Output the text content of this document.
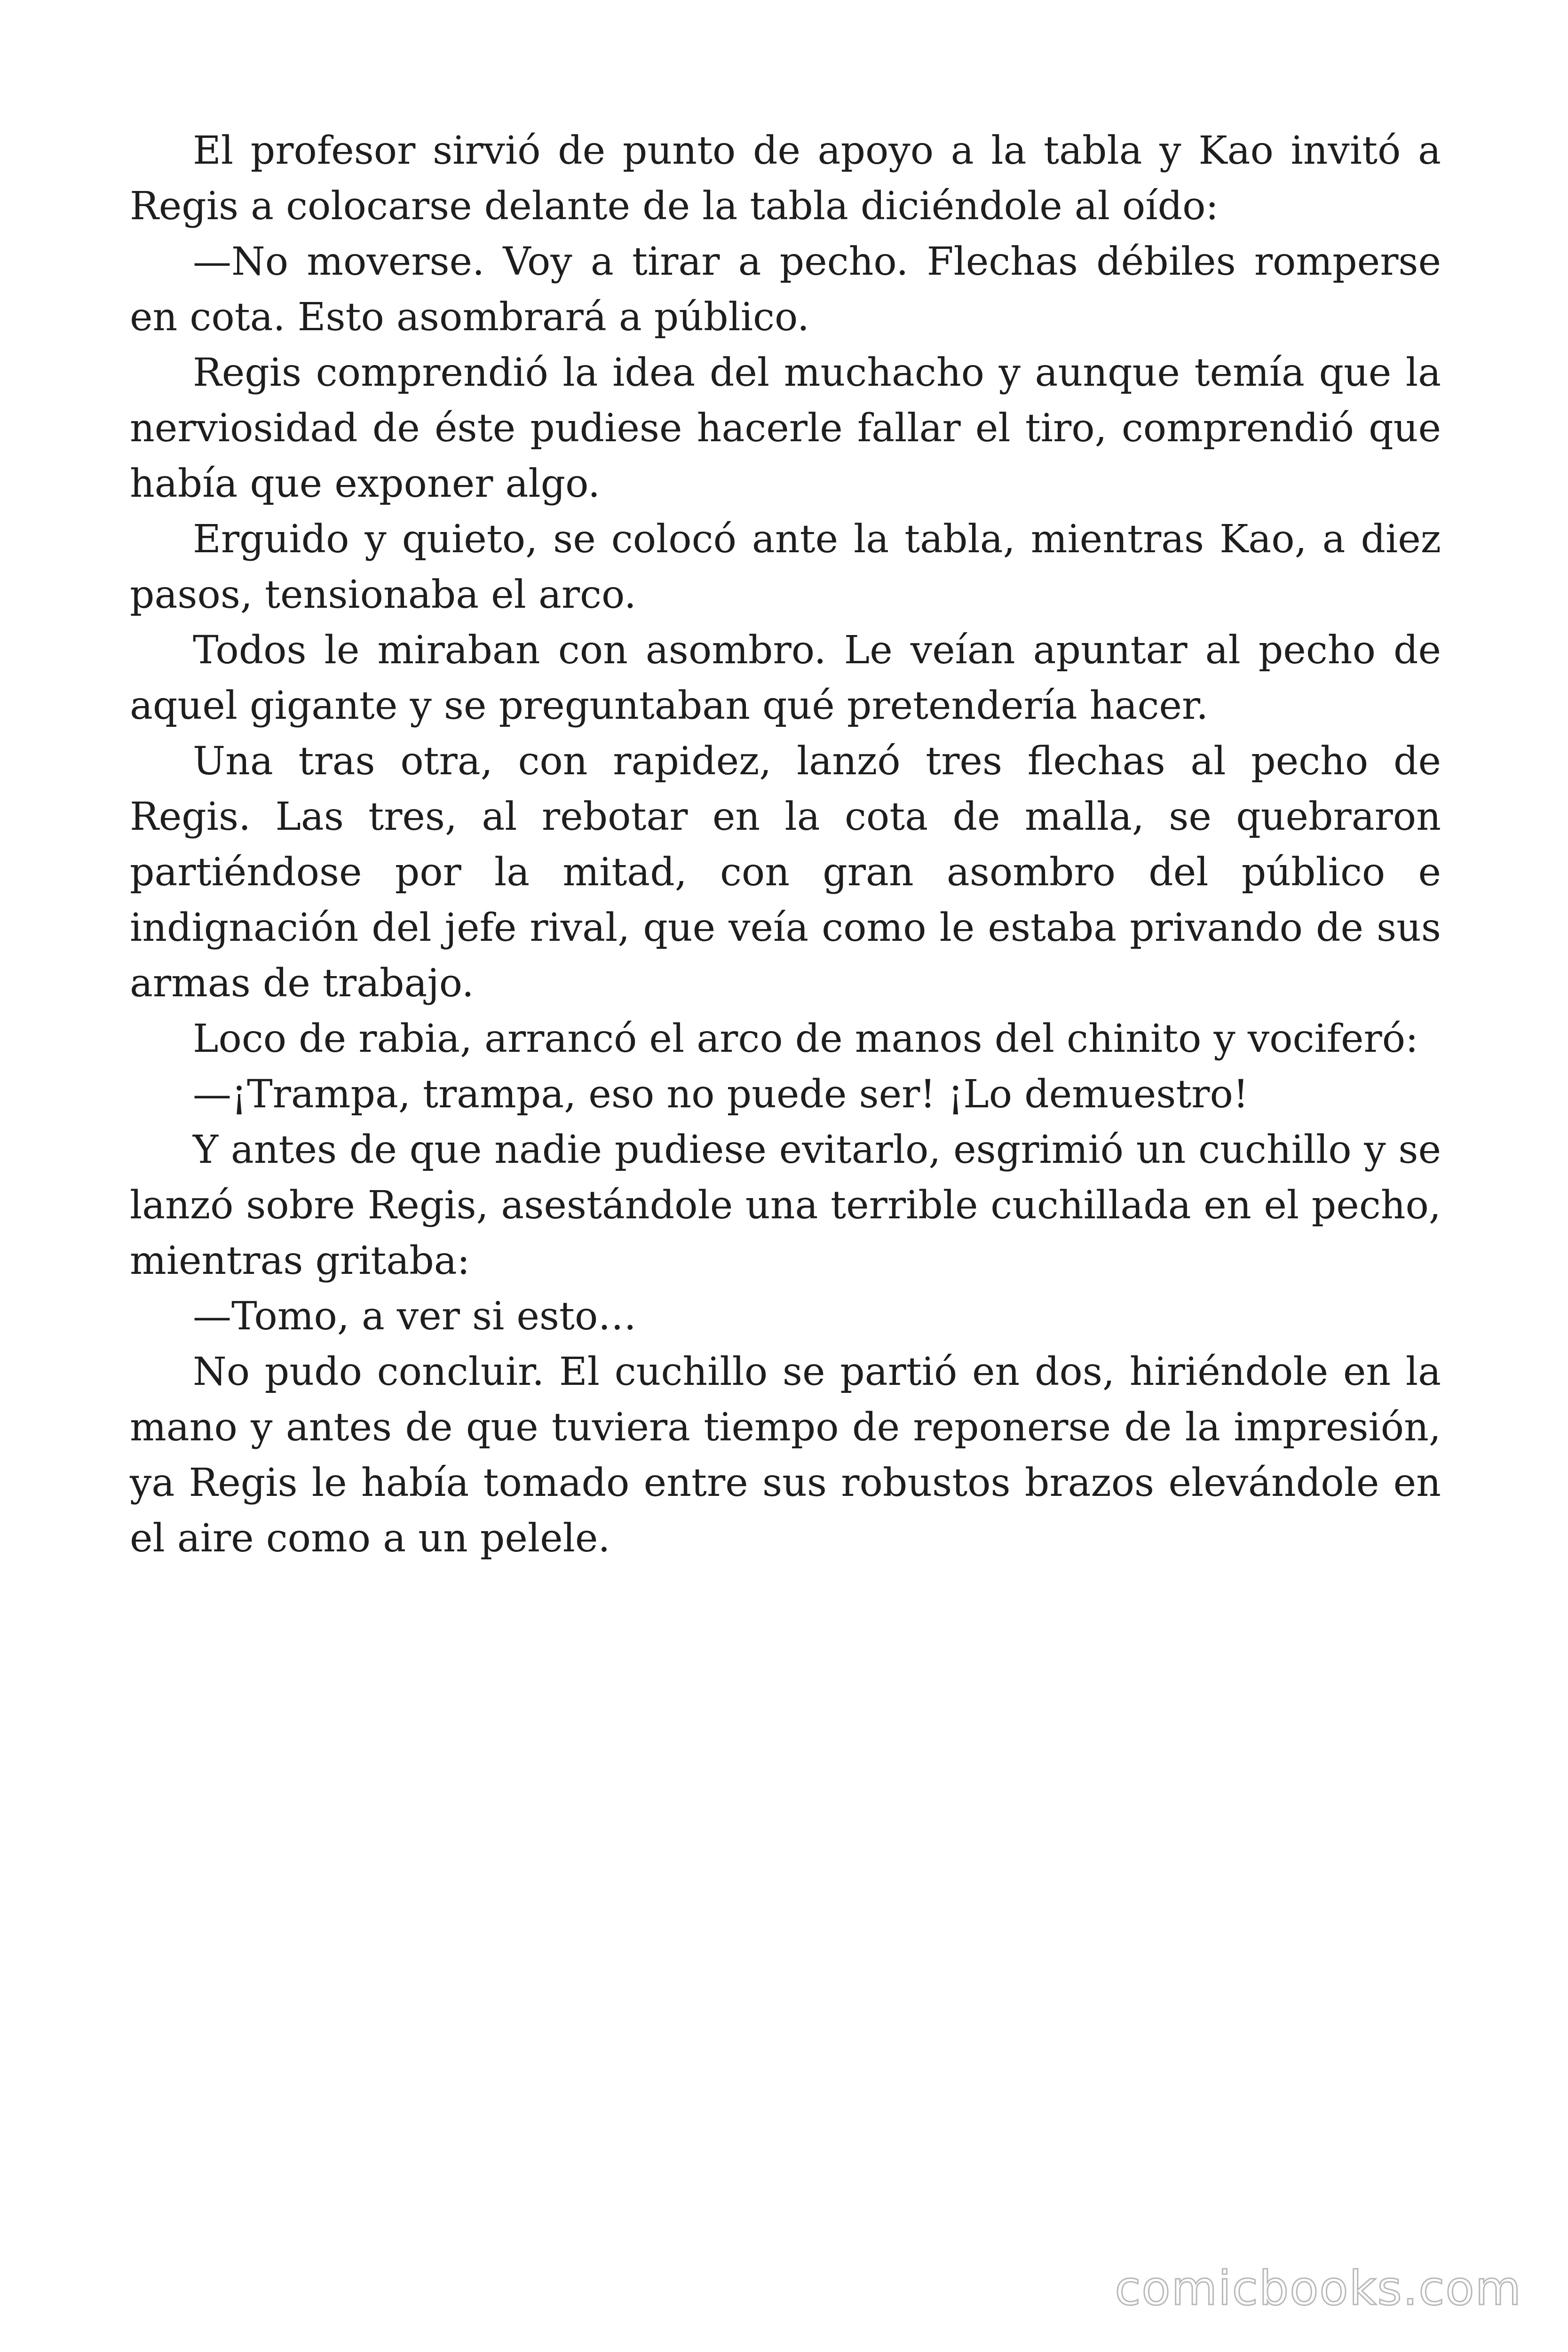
El profesor sirvió de punto de apoyo a la tabla y Kao invitó a Regis a colocarse delante de la tabla diciéndole al oído:

—No moverse. Voy a tirar a pecho. Flechas débiles romperse en cota. Esto asombrará a público.

Regis comprendió la idea del muchacho y aunque temía que la nerviosidad de éste pudiese hacerle fallar el tiro, comprendió que había que exponer algo.

Erguido y quieto, se colocó ante la tabla, mientras Kao, a diez pasos, tensionaba el arco.

Todos le miraban con asombro. Le veían apuntar al pecho de aquel gigante y se preguntaban qué pretendería hacer.

Una tras otra, con rapidez, lanzó tres flechas al pecho de Regis. Las tres, al rebotar en la cota de malla, se quebraron partiéndose por la mitad, con gran asombro del público e indignación del jefe rival, que veía como le estaba privando de sus armas de trabajo.

Loco de rabia, arrancó el arco de manos del chinito y vociferó:

—¡Trampa, trampa, eso no puede ser! ¡Lo demuestro!

Y antes de que nadie pudiese evitarlo, esgrimió un cuchillo y se lanzó sobre Regis, asestándole una terrible cuchillada en el pecho, mientras gritaba:

—Tomo, a ver si esto…

No pudo concluir. El cuchillo se partió en dos, hiriéndole en la mano y antes de que tuviera tiempo de reponerse de la impresión, ya Regis le había tomado entre sus robustos brazos elevándole en el aire como a un pelele.

comicbooks.com
